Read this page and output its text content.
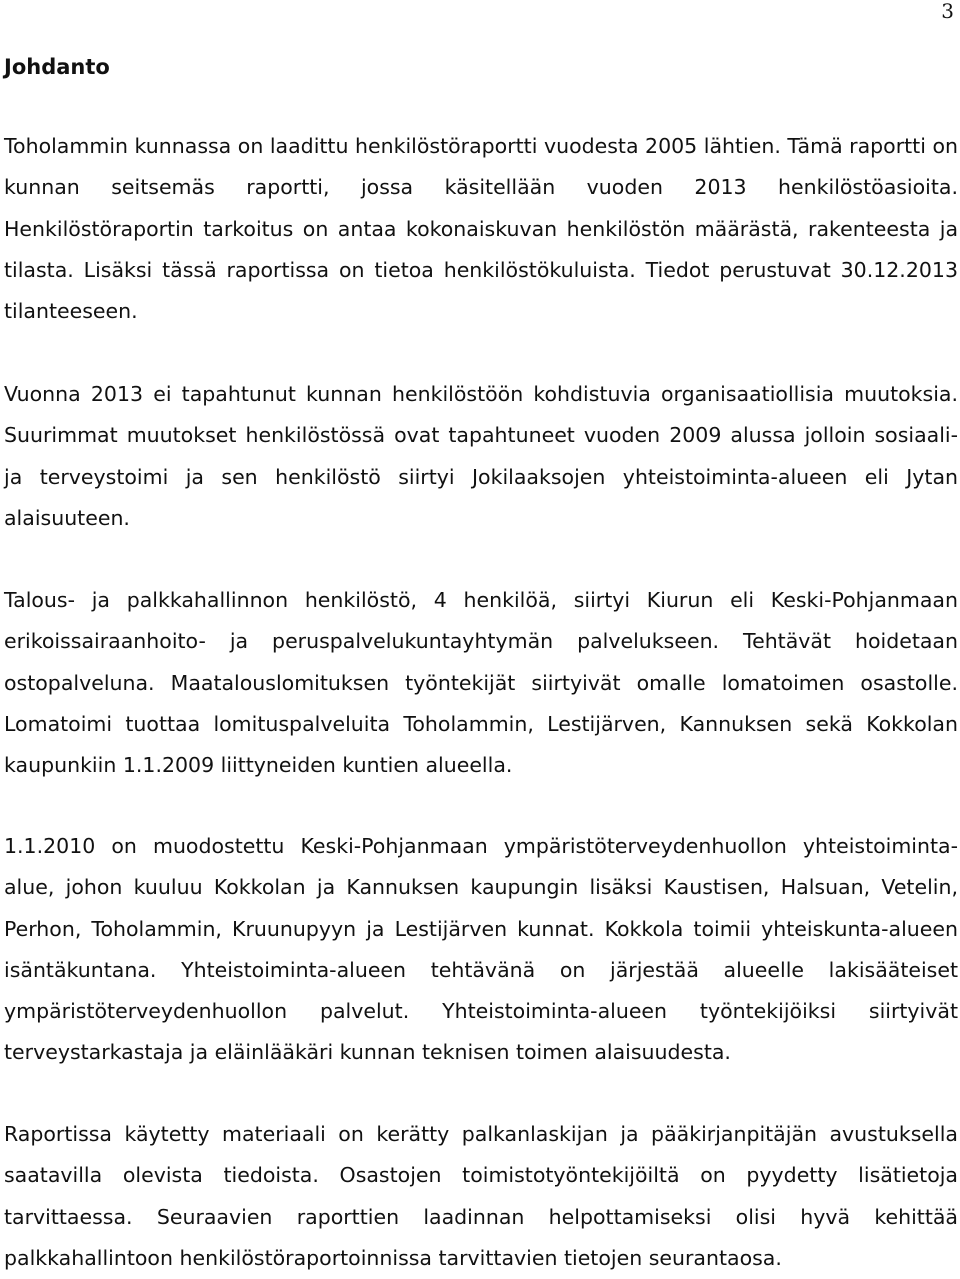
3
Johdanto

Toholammin kunnassa on laadittu henkilöstöraportti vuodesta 2005 lähtien. Tämä raportti on kunnan seitsemäs raportti, jossa käsitellään vuoden 2013 henkilöstöasioita. Henkilöstöraportin tarkoitus on antaa kokonaiskuvan henkilöstön määrästä, rakenteesta ja tilasta. Lisäksi tässä raportissa on tietoa henkilöstökuluista. Tiedot perustuvat 30.12.2013 tilanteeseen.

Vuonna 2013 ei tapahtunut kunnan henkilöstöön kohdistuvia organisaatiollisia muutoksia. Suurimmat muutokset henkilöstössä ovat tapahtuneet vuoden 2009 alussa jolloin sosiaali- ja terveystoimi ja sen henkilöstö siirtyi Jokilaaksojen yhteistoiminta-alueen eli Jytan alaisuuteen.

Talous- ja palkkahallinnon henkilöstö, 4 henkilöä, siirtyi Kiurun eli Keski-Pohjanmaan erikoissairaanhoito- ja peruspalvelukuntayhtymän palvelukseen. Tehtävät hoidetaan ostopalveluna. Maatalouslomituksen työntekijät siirtyivät omalle lomatoimen osastolle. Lomatoimi tuottaa lomituspalveluita Toholammin, Lestijärven, Kannuksen sekä Kokkolan kaupunkiin 1.1.2009 liittyneiden kuntien alueella.

1.1.2010 on muodostettu Keski-Pohjanmaan ympäristöterveydenhuollon yhteistoiminta-alue, johon kuuluu Kokkolan ja Kannuksen kaupungin lisäksi Kaustisen, Halsuan, Vetelin, Perhon, Toholammin, Kruunupyyn ja Lestijärven kunnat. Kokkola toimii yhteiskunta-alueen isäntäkuntana. Yhteistoiminta-alueen tehtävänä on järjestää alueelle lakisääteiset ympäristöterveydenhuollon palvelut. Yhteistoiminta-alueen työntekijöiksi siirtyivät terveystarkastaja ja eläinlääkäri kunnan teknisen toimen alaisuudesta.

Raportissa käytetty materiaali on kerätty palkanlaskijan ja pääkirjanpitäjän avustuksella saatavilla olevista tiedoista. Osastojen toimistotyöntekijöiltä on pyydetty lisätietoja tarvittaessa. Seuraavien raporttien laadinnan helpottamiseksi olisi hyvä kehittää palkkahallintoon henkilöstöraportoinnissa tarvittavien tietojen seurantaosa.
